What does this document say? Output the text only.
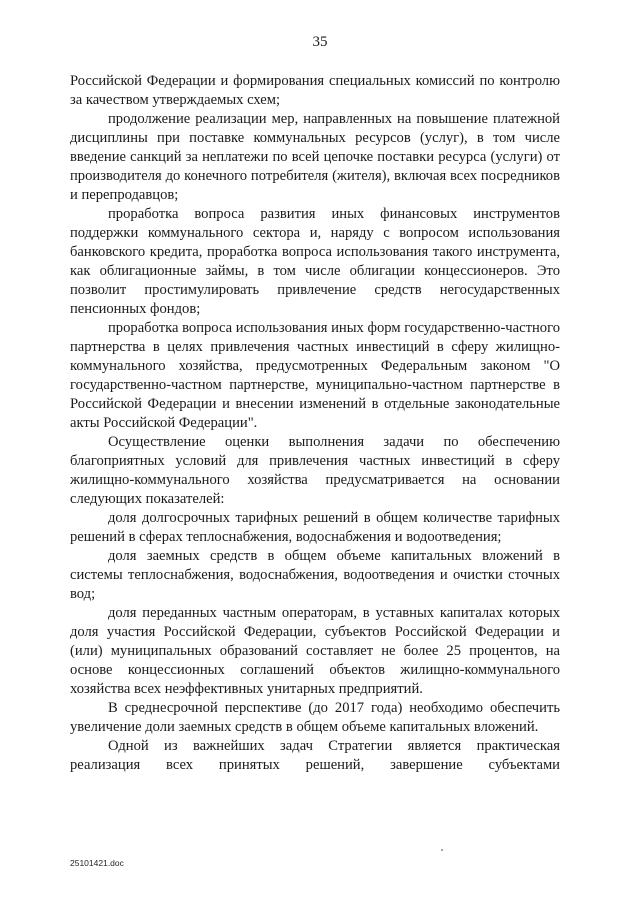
35

Российской Федерации и формирования специальных комиссий по контролю за качеством утверждаемых схем;

продолжение реализации мер, направленных на повышение платежной дисциплины при поставке коммунальных ресурсов (услуг), в том числе введение санкций за неплатежи по всей цепочке поставки ресурса (услуги) от производителя до конечного потребителя (жителя), включая всех посредников и перепродавцов;

проработка вопроса развития иных финансовых инструментов поддержки коммунального сектора и, наряду с вопросом использования банковского кредита, проработка вопроса использования такого инструмента, как облигационные займы, в том числе облигации концессионеров. Это позволит простимулировать привлечение средств негосударственных пенсионных фондов;

проработка вопроса использования иных форм государственно-частного партнерства в целях привлечения частных инвестиций в сферу жилищно-коммунального хозяйства, предусмотренных Федеральным законом "О государственно-частном партнерстве, муниципально-частном партнерстве в Российской Федерации и внесении изменений в отдельные законодательные акты Российской Федерации".

Осуществление оценки выполнения задачи по обеспечению благоприятных условий для привлечения частных инвестиций в сферу жилищно-коммунального хозяйства предусматривается на основании следующих показателей:

доля долгосрочных тарифных решений в общем количестве тарифных решений в сферах теплоснабжения, водоснабжения и водоотведения;

доля заемных средств в общем объеме капитальных вложений в системы теплоснабжения, водоснабжения, водоотведения и очистки сточных вод;

доля переданных частным операторам, в уставных капиталах которых доля участия Российской Федерации, субъектов Российской Федерации и (или) муниципальных образований составляет не более 25 процентов, на основе концессионных соглашений объектов жилищно-коммунального хозяйства всех неэффективных унитарных предприятий.

В среднесрочной перспективе (до 2017 года) необходимо обеспечить увеличение доли заемных средств в общем объеме капитальных вложений.

Одной из важнейших задач Стратегии является практическая реализация всех принятых решений, завершение субъектами

25101421.doc
